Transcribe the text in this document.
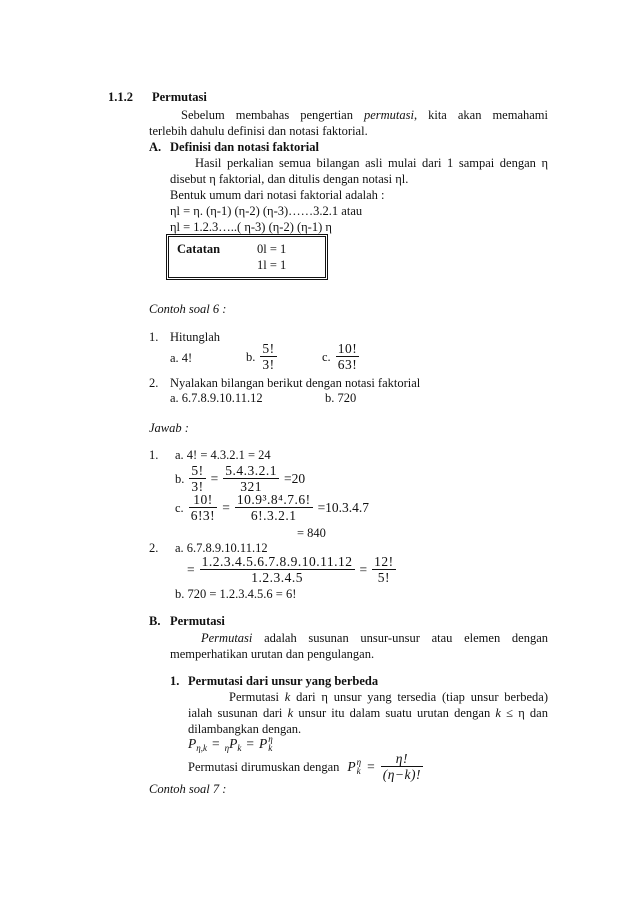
1.1.2 Permutasi
Sebelum membahas pengertian permutasi, kita akan memahami
terlebih dahulu definisi dan notasi faktorial.
A. Definisi dan notasi faktorial
Hasil perkalian semua bilangan asli mulai dari 1 sampai dengan η
disebut η faktorial, dan ditulis dengan notasi ηl.
Bentuk umum dari notasi faktorial adalah :
ηl = η. (η-1) (η-2) (η-3)……3.2.1 atau
ηl = 1.2.3…..( η-3) (η-2) (η-1) η
Catatan	0l = 1
1l = 1
Contoh soal 6 :
1. Hitunglah
a. 4!	b. $\frac{5!}{3!}$	c. $\frac{10!}{63!}$
2. Nyalakan bilangan berikut dengan notasi faktorial
a. 6.7.8.9.10.11.12	b. 720
Jawab :
1. a. 4! = 4.3.2.1 = 24
b. $\frac{5!}{3!} = \frac{5.4.3.2.1}{321} =20$
c. $\frac{10!}{6!3!} = \frac{\text{10.9³.8⁴.7.6!}}{6!.3.2.1} =10.3.4.7$
= 840
2. a. 6.7.8.9.10.11.12
= $\frac{1.2.3.4.5.6.7.8.9.10.11.12}{1.2.3.4.5} = \frac{12!}{5!}$
b. 720 = 1.2.3.4.5.6 = 6!
B. Permutasi
Permutasi adalah susunan unsur-unsur atau elemen dengan
memperhatikan urutan dan pengulangan.
1. Permutasi dari unsur yang berbeda
Permutasi k dari η unsur yang tersedia (tiap unsur berbeda)
ialah susunan dari k unsur itu dalam suatu urutan dengan k ≤ η dan
dilambangkan dengan.
P η,k = η P k = P η
k
Permutasi dirumuskan dengan P η
$k = \frac{\eta!}{(\eta-k)!}$
Contoh soal 7 :
